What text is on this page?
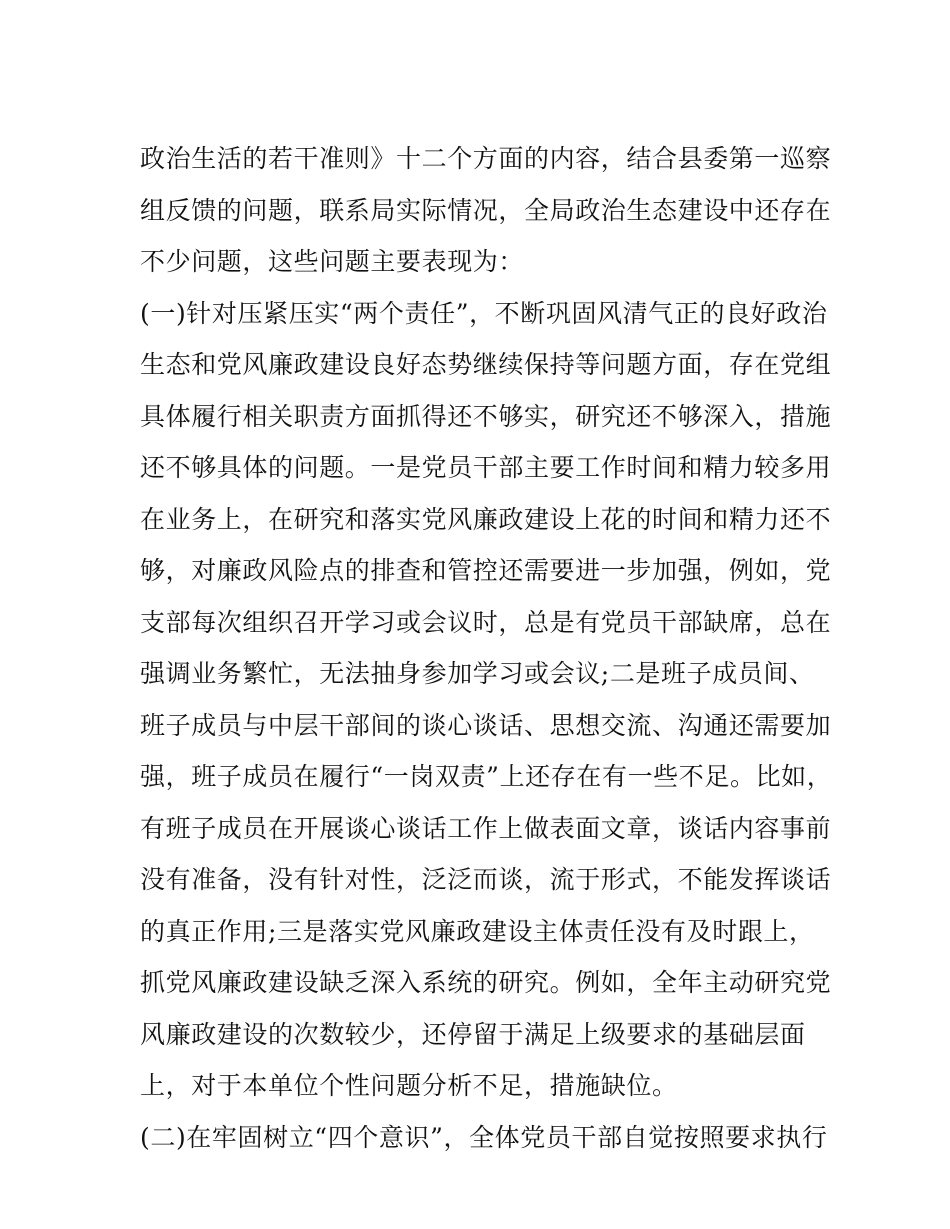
政治生活的若干准则》十二个方面的内容，结合县委第一巡察
组反馈的问题，联系局实际情况，全局政治生态建设中还存在
不少问题，这些问题主要表现为：
(一)针对压紧压实“两个责任”，不断巩固风清气正的良好政治
生态和党风廉政建设良好态势继续保持等问题方面，存在党组
具体履行相关职责方面抓得还不够实，研究还不够深入，措施
还不够具体的问题。一是党员干部主要工作时间和精力较多用
在业务上，在研究和落实党风廉政建设上花的时间和精力还不
够，对廉政风险点的排查和管控还需要进一步加强，例如，党
支部每次组织召开学习或会议时，总是有党员干部缺席，总在
强调业务繁忙，无法抽身参加学习或会议;二是班子成员间、
班子成员与中层干部间的谈心谈话、思想交流、沟通还需要加
强，班子成员在履行“一岗双责”上还存在有一些不足。比如，
有班子成员在开展谈心谈话工作上做表面文章，谈话内容事前
没有准备，没有针对性，泛泛而谈，流于形式，不能发挥谈话
的真正作用;三是落实党风廉政建设主体责任没有及时跟上，
抓党风廉政建设缺乏深入系统的研究。例如，全年主动研究党
风廉政建设的次数较少，还停留于满足上级要求的基础层面
上，对于本单位个性问题分析不足，措施缺位。
(二)在牢固树立“四个意识”，全体党员干部自觉按照要求执行
